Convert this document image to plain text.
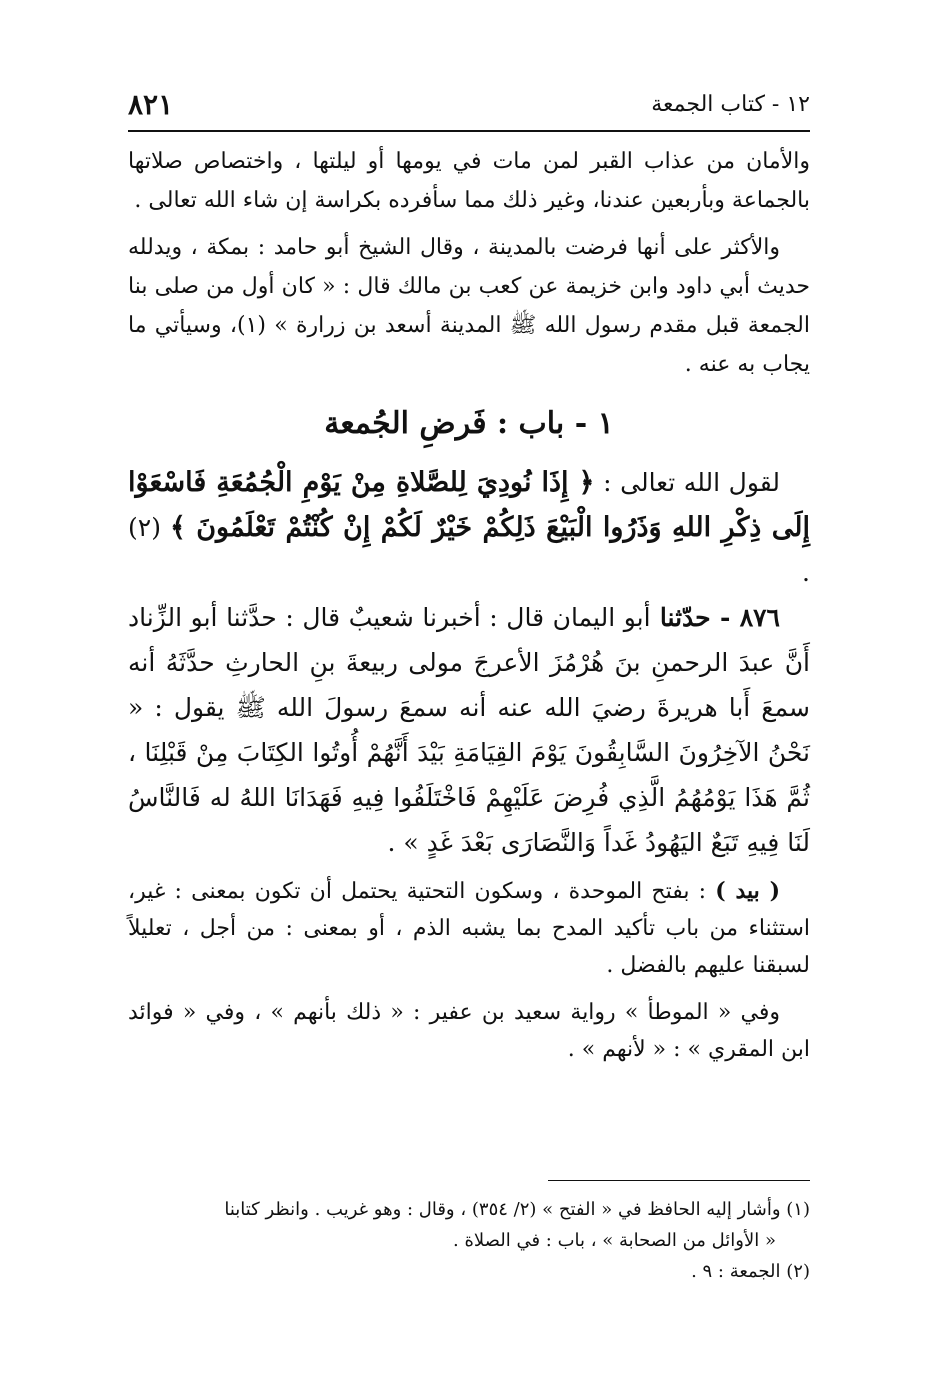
١٢ - كتاب الجمعة
٨٢١

والأمان من عذاب القبر لمن مات في يومها أو ليلتها ، واختصاص صلاتها بالجماعة وبأربعين عندنا، وغير ذلك مما سأفرده بكراسة إن شاء الله تعالى .

والأكثر على أنها فرضت بالمدينة ، وقال الشيخ أبو حامد : بمكة ، ويدلله حديث أبي داود وابن خزيمة عن كعب بن مالك قال : « كان أول من صلى بنا الجمعة قبل مقدم رسول الله ﷺ المدينة أسعد بن زرارة » (١)، وسيأتي ما يجاب به عنه .

١ - باب : فَرضِ الجُمعة

لقول الله تعالى : ﴿ إِذَا نُودِيَ لِلصَّلاةِ مِنْ يَوْمِ الْجُمُعَةِ فَاسْعَوْا إِلَى ذِكْرِ اللهِ وَذَرُوا الْبَيْعَ ذَلِكُمْ خَيْرٌ لَكُمْ إِنْ كُنْتُمْ تَعْلَمُونَ ﴾ (٢) .

٨٧٦ - حدّثنا أبو اليمان قال : أخبرنا شعيبٌ قال : حدَّثنا أبو الزِّناد أَنَّ عبدَ الرحمنِ بنَ هُرْمُزَ الأعرجَ مولى ربيعةَ بنِ الحارثِ حدَّثَهُ أنه سمعَ أَبا هريرةَ رضيَ الله عنه أنه سمعَ رسولَ الله ﷺ يقول : « نَحْنُ الآخِرُونَ السَّابِقُونَ يَوْمَ القِيَامَةِ بَيْدَ أَنَّهُمْ أُوتُوا الكِتَابَ مِنْ قَبْلِنَا ، ثُمَّ هَذَا يَوْمُهُمُ الَّذِي فُرِضَ عَلَيْهِمْ فَاخْتَلَفُوا فِيهِ فَهَدَانَا اللهُ له فَالنَّاسُ لَنَا فِيهِ تَبَعٌ اليَهُودُ غَداً وَالنَّصَارَى بَعْدَ غَدٍ » .

( بيد ) : بفتح الموحدة ، وسكون التحتية يحتمل أن تكون بمعنى : غير، استثناء من باب تأكيد المدح بما يشبه الذم ، أو بمعنى : من أجل ، تعليلاً لسبقنا عليهم بالفضل .

وفي « الموطأ » رواية سعيد بن عفير : « ذلك بأنهم » ، وفي « فوائد ابن المقري » : « لأنهم » .

(١) وأشار إليه الحافظ في « الفتح » (٢/ ٣٥٤) ، وقال : وهو غريب . وانظر كتابنا

« الأوائل من الصحابة » ، باب : في الصلاة .

(٢) الجمعة : ٩ .
